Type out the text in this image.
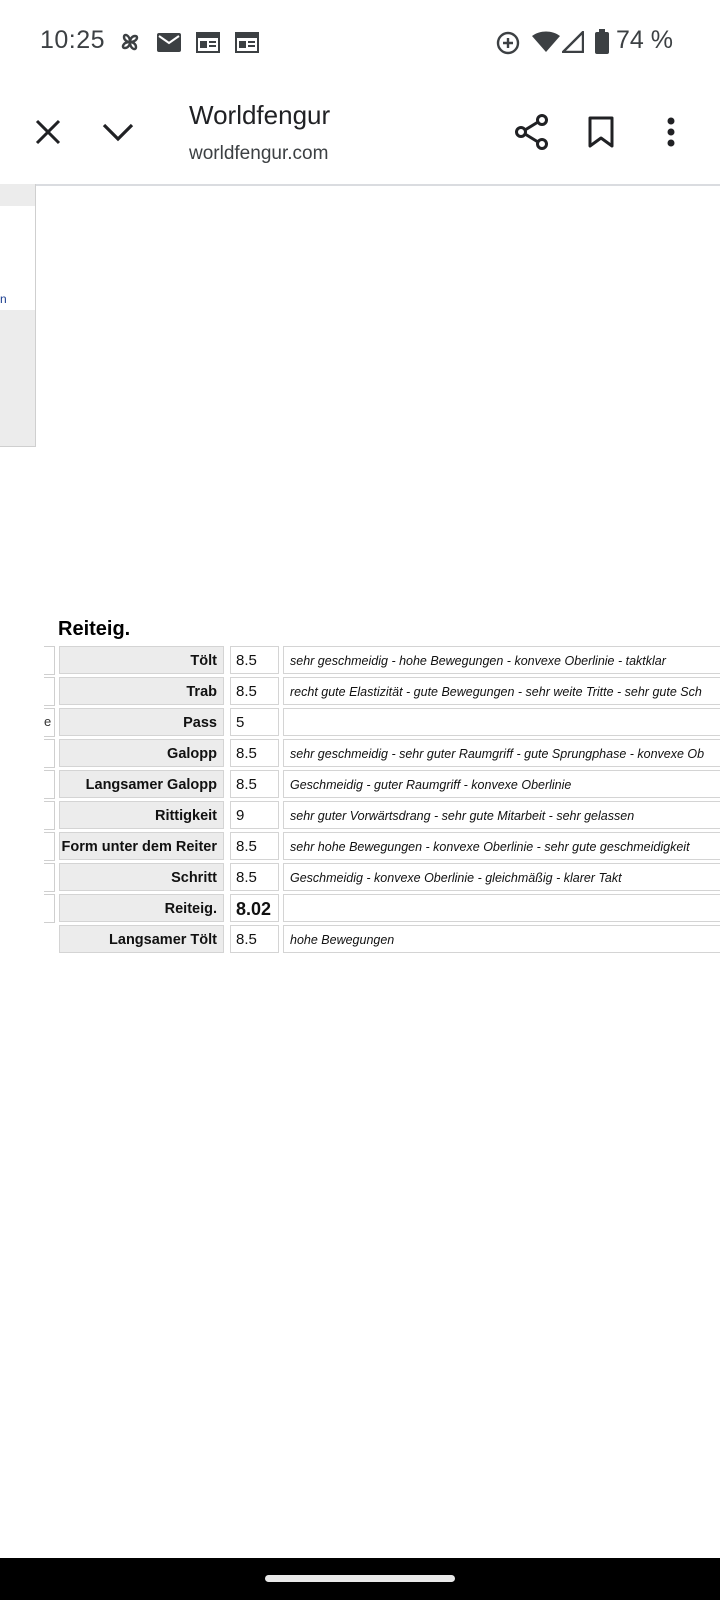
10:25	74 %
Worldfengur
worldfengur.com
n
Reiteig.
e
Tölt	8.5	sehr geschmeidig - hohe Bewegungen - konvexe Oberlinie - taktklar
Trab	8.5	recht gute Elastizität - gute Bewegungen - sehr weite Tritte - sehr gute Sch
Pass	5
Galopp	8.5	sehr geschmeidig - sehr guter Raumgriff - gute Sprungphase - konvexe Ob
Langsamer Galopp	8.5	Geschmeidig - guter Raumgriff - konvexe Oberlinie
Rittigkeit	9	sehr guter Vorwärtsdrang - sehr gute Mitarbeit - sehr gelassen
Form unter dem Reiter	8.5	sehr hohe Bewegungen - konvexe Oberlinie - sehr gute geschmeidigkeit
Schritt	8.5	Geschmeidig - konvexe Oberlinie - gleichmäßig - klarer Takt
Reiteig.	8.02
Langsamer Tölt	8.5	hohe Bewegungen
